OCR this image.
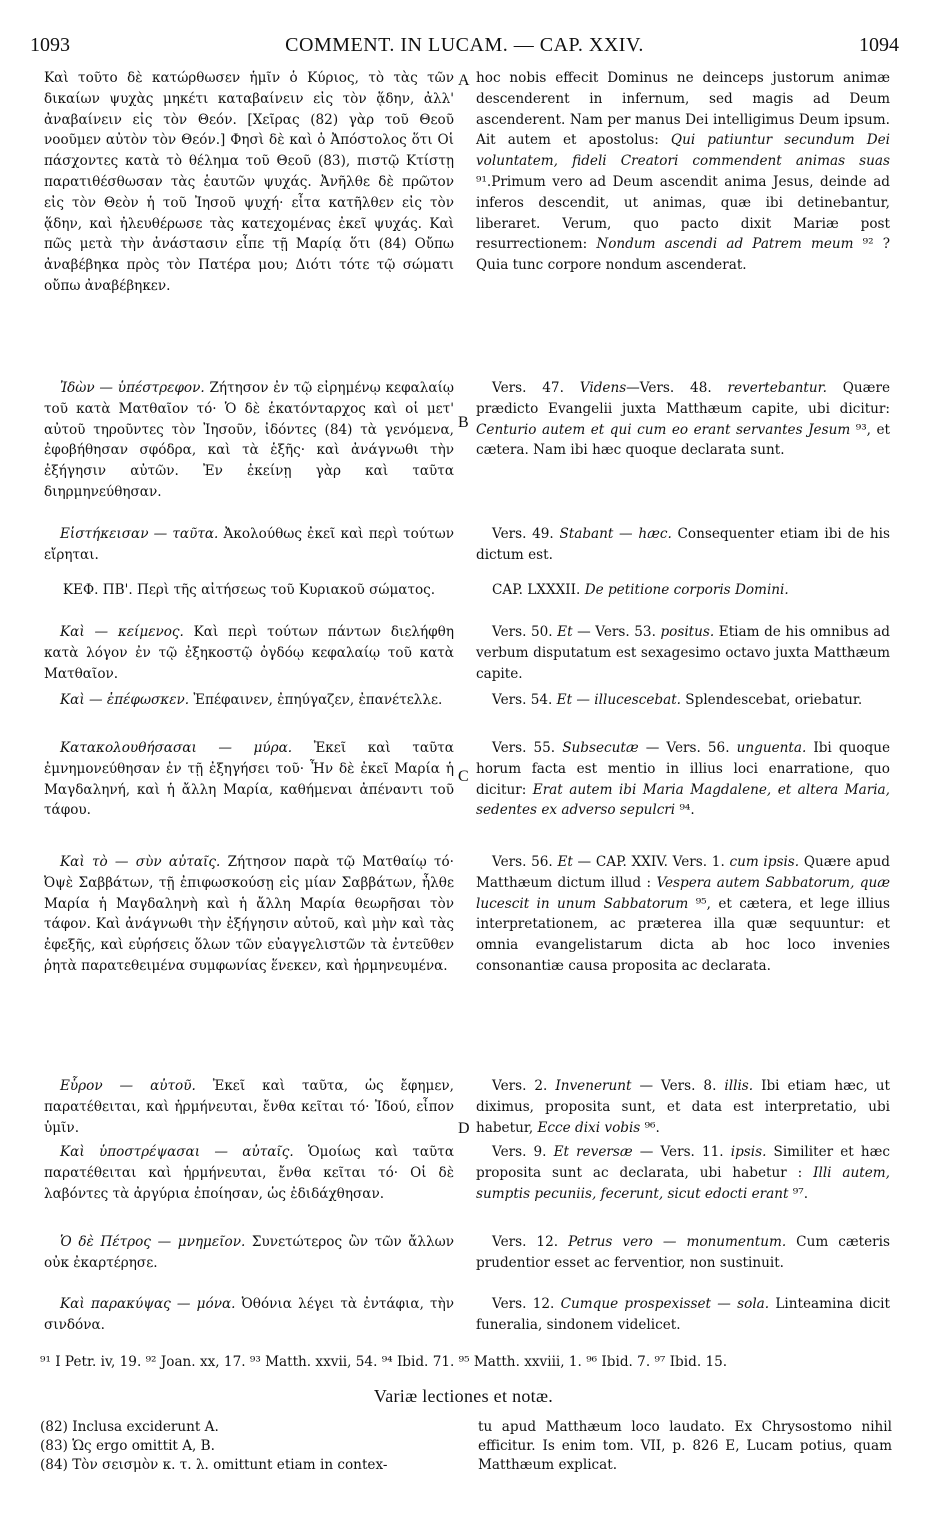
1093	COMMENT. IN LUCAM. — CAP. XXIV.	1094

Καὶ τοῦτο δὲ κατώρθωσεν ἡμῖν ὁ Κύριος, τὸ τὰς τῶν δικαίων ψυχὰς μηκέτι καταβαίνειν εἰς τὸν ᾅδην, ἀλλ' ἀναβαίνειν εἰς τὸν Θεόν. [Χεῖρας (82) γὰρ τοῦ Θεοῦ νοοῦμεν αὐτὸν τὸν Θεόν.] Φησὶ δὲ καὶ ὁ Ἀπόστολος ὅτι Οἱ πάσχοντες κατὰ τὸ θέλημα τοῦ Θεοῦ (83), πιστῷ Κτίστῃ παρατιθέσθωσαν τὰς ἑαυτῶν ψυχάς. Ἀνῆλθε δὲ πρῶτον εἰς τὸν Θεὸν ἡ τοῦ Ἰησοῦ ψυχή· εἶτα κατῆλθεν εἰς τὸν ᾅδην, καὶ ἠλευθέρωσε τὰς κατεχομένας ἐκεῖ ψυχάς. Καὶ πῶς μετὰ τὴν ἀνάστασιν εἶπε τῇ Μαρίᾳ ὅτι (84) Οὔπω ἀναβέβηκα πρὸς τὸν Πατέρα μου; Διότι τότε τῷ σώματι οὔπω ἀναβέβηκεν.

Ἰδὼν — ὑπέστρεφον. Ζήτησον ἐν τῷ εἰρημένῳ κεφαλαίῳ τοῦ κατὰ Ματθαῖον τό· Ὁ δὲ ἑκατόνταρχος καὶ οἱ μετ' αὐτοῦ τηροῦντες τὸν Ἰησοῦν, ἰδόντες (84) τὰ γενόμενα, ἐφοβήθησαν σφόδρα, καὶ τὰ ἑξῆς· καὶ ἀνάγνωθι τὴν ἐξήγησιν αὐτῶν. Ἐν ἐκείνῃ γὰρ καὶ ταῦτα διηρμηνεύθησαν.

Εἱστήκεισαν — ταῦτα. Ἀκολούθως ἐκεῖ καὶ περὶ τούτων εἴρηται.

ΚΕΦ. ΠΒ'. Περὶ τῆς αἰτήσεως τοῦ Κυριακοῦ σώματος.

Καὶ — κείμενος. Καὶ περὶ τούτων πάντων διελήφθη κατὰ λόγον ἐν τῷ ἐξηκοστῷ ὀγδόῳ κεφαλαίῳ τοῦ κατὰ Ματθαῖον.

Καὶ — ἐπέφωσκεν. Ἐπέφαινεν, ἐπηύγαζεν, ἐπανέτελλε.

Κατακολουθήσασαι — μύρα. Ἐκεῖ καὶ ταῦτα ἐμνημονεύθησαν ἐν τῇ ἐξηγήσει τοῦ· Ἦν δὲ ἐκεῖ Μαρία ἡ Μαγδαληνή, καὶ ἡ ἄλλη Μαρία, καθήμεναι ἀπέναντι τοῦ τάφου.

Καὶ τὸ — σὺν αὐταῖς. Ζήτησον παρὰ τῷ Ματθαίῳ τό· Ὀψὲ Σαββάτων, τῇ ἐπιφωσκούσῃ εἰς μίαν Σαββάτων, ἦλθε Μαρία ἡ Μαγδαληνὴ καὶ ἡ ἄλλη Μαρία θεωρῆσαι τὸν τάφον. Καὶ ἀνάγνωθι τὴν ἐξήγησιν αὐτοῦ, καὶ μὴν καὶ τὰς ἐφεξῆς, καὶ εὑρήσεις ὅλων τῶν εὐαγγελιστῶν τὰ ἐντεῦθεν ῥητὰ παρατεθειμένα συμφωνίας ἕνεκεν, καὶ ἡρμηνευμένα.

Εὗρον — αὐτοῦ. Ἐκεῖ καὶ ταῦτα, ὡς ἔφημεν, παρατέθειται, καὶ ἡρμήνευται, ἔνθα κεῖται τό· Ἰδού, εἶπον ὑμῖν.

Καὶ ὑποστρέψασαι — αὐταῖς. Ὁμοίως καὶ ταῦτα παρατέθειται καὶ ἡρμήνευται, ἔνθα κεῖται τό· Οἱ δὲ λαβόντες τὰ ἀργύρια ἐποίησαν, ὡς ἐδιδάχθησαν.

Ὁ δὲ Πέτρος — μνημεῖον. Συνετώτερος ὢν τῶν ἄλλων οὐκ ἐκαρτέρησε.

Καὶ παρακύψας — μόνα. Ὀθόνια λέγει τὰ ἐντάφια, τὴν σινδόνα.

A
B
C
D

hoc nobis effecit Dominus ne deinceps justorum animæ descenderent in infernum, sed magis ad Deum ascenderent. Nam per manus Dei intelligimus Deum ipsum. Ait autem et apostolus: Qui patiuntur secundum Dei voluntatem, fideli Creatori commendent animas suas ⁹¹.Primum vero ad Deum ascendit anima Jesus, deinde ad inferos descendit, ut animas, quæ ibi detinebantur, liberaret. Verum, quo pacto dixit Mariæ post resurrectionem: Nondum ascendi ad Patrem meum ⁹² ? Quia tunc corpore nondum ascenderat.

Vers. 47. Videns—Vers. 48. revertebantur. Quære prædicto Evangelii juxta Matthæum capite, ubi dicitur: Centurio autem et qui cum eo erant servantes Jesum ⁹³, et cætera. Nam ibi hæc quoque declarata sunt.

Vers. 49. Stabant — hæc. Consequenter etiam ibi de his dictum est.

CAP. LXXXII. De petitione corporis Domini.

Vers. 50. Et — Vers. 53. positus. Etiam de his omnibus ad verbum disputatum est sexagesimo octavo juxta Matthæum capite.

Vers. 54. Et — illucescebat. Splendescebat, oriebatur.

Vers. 55. Subsecutæ — Vers. 56. unguenta. Ibi quoque horum facta est mentio in illius loci enarratione, quo dicitur: Erat autem ibi Maria Magdalene, et altera Maria, sedentes ex adverso sepulcri ⁹⁴.

Vers. 56. Et — CAP. XXIV. Vers. 1. cum ipsis. Quære apud Matthæum dictum illud : Vespera autem Sabbatorum, quæ lucescit in unum Sabbatorum ⁹⁵, et cætera, et lege illius interpretationem, ac præterea illa quæ sequuntur: et omnia evangelistarum dicta ab hoc loco invenies consonantiæ causa proposita ac declarata.

Vers. 2. Invenerunt — Vers. 8. illis. Ibi etiam hæc, ut diximus, proposita sunt, et data est interpretatio, ubi habetur, Ecce dixi vobis ⁹⁶.

Vers. 9. Et reversæ — Vers. 11. ipsis. Similiter et hæc proposita sunt ac declarata, ubi habetur : Illi autem, sumptis pecuniis, fecerunt, sicut edocti erant ⁹⁷.

Vers. 12. Petrus vero — monumentum. Cum cæteris prudentior esset ac ferventior, non sustinuit.

Vers. 12. Cumque prospexisset — sola. Linteamina dicit funeralia, sindonem videlicet.

⁹¹ I Petr. iv, 19. ⁹² Joan. xx, 17. ⁹³ Matth. xxvii, 54. ⁹⁴ Ibid. 71. ⁹⁵ Matth. xxviii, 1. ⁹⁶ Ibid. 7. ⁹⁷ Ibid. 15.
Variæ lectiones et notæ.
(82) Inclusa exciderunt A.
(83) Ὡς ergo omittit A, B.
(84) Τὸν σεισμὸν κ. τ. λ. omittunt etiam in contex-
tu apud Matthæum loco laudato. Ex Chrysostomo nihil efficitur. Is enim tom. VII, p. 826 E, Lucam potius, quam Matthæum explicat.
